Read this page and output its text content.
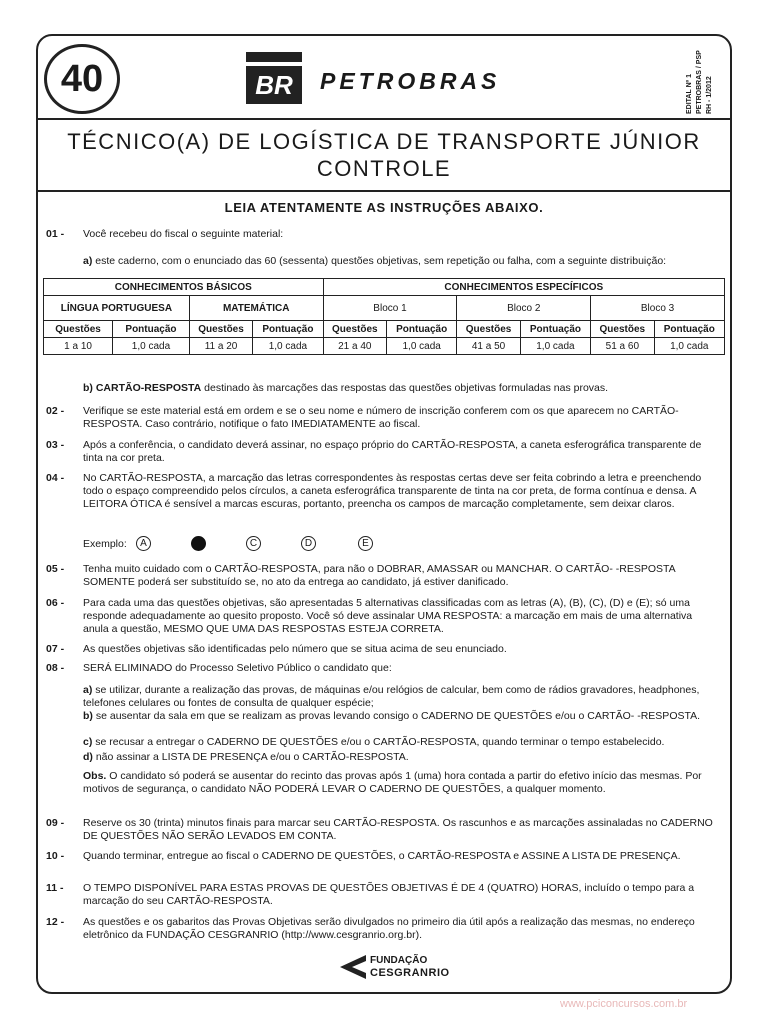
40	BR	PETROBRAS	EDITAL Nº 1 PETROBRAS / PSP RH - 1/2012
TÉCNICO(A) DE LOGÍSTICA DE TRANSPORTE JÚNIOR
CONTROLE
LEIA ATENTAMENTE AS INSTRUÇÕES ABAIXO.
01 - Você recebeu do fiscal o seguinte material:
a) este caderno, com o enunciado das 60 (sessenta) questões objetivas, sem repetição ou falha, com a seguinte distribuição:
CONHECIMENTOS BÁSICOS				CONHECIMENTOS ESPECÍFICOS					
LÍNGUA PORTUGUESA		MATEMÁTICA		Bloco 1		Bloco 2		Bloco 3	
Questões	Pontuação	Questões	Pontuação	Questões	Pontuação	Questões	Pontuação	Questões	Pontuação
1 a 10	1,0 cada	11 a 20	1,0 cada	21 a 40	1,0 cada	41 a 50	1,0 cada	51 a 60	1,0 cada
b) CARTÃO-RESPOSTA destinado às marcações das respostas das questões objetivas formuladas nas provas.
02 - Verifique se este material está em ordem e se o seu nome e número de inscrição conferem com os que aparecem no CARTÃO-RESPOSTA. Caso contrário, notifique o fato IMEDIATAMENTE ao fiscal.
03 - Após a conferência, o candidato deverá assinar, no espaço próprio do CARTÃO-RESPOSTA, a caneta esferográfica transparente de tinta na cor preta.
04 - No CARTÃO-RESPOSTA, a marcação das letras correspondentes às respostas certas deve ser feita cobrindo a letra e preenchendo todo o espaço compreendido pelos círculos, a caneta esferográfica transparente de tinta na cor preta, de forma contínua e densa. A LEITORA ÓTICA é sensível a marcas escuras, portanto, preencha os campos de marcação completamente, sem deixar claros.
Exemplo:	A	C	D	E
05 - Tenha muito cuidado com o CARTÃO-RESPOSTA, para não o DOBRAR, AMASSAR ou MANCHAR. O CARTÃO- -RESPOSTA SOMENTE poderá ser substituído se, no ato da entrega ao candidato, já estiver danificado.
06 - Para cada uma das questões objetivas, são apresentadas 5 alternativas classificadas com as letras (A), (B), (C), (D) e (E); só uma responde adequadamente ao quesito proposto. Você só deve assinalar UMA RESPOSTA: a marcação em mais de uma alternativa anula a questão, MESMO QUE UMA DAS RESPOSTAS ESTEJA CORRETA.
07 - As questões objetivas são identificadas pelo número que se situa acima de seu enunciado.
08 - SERÁ ELIMINADO do Processo Seletivo Público o candidato que:
a) se utilizar, durante a realização das provas, de máquinas e/ou relógios de calcular, bem como de rádios gravadores, headphones, telefones celulares ou fontes de consulta de qualquer espécie;
b) se ausentar da sala em que se realizam as provas levando consigo o CADERNO DE QUESTÕES e/ou o CARTÃO- -RESPOSTA.
c) se recusar a entregar o CADERNO DE QUESTÕES e/ou o CARTÃO-RESPOSTA, quando terminar o tempo estabelecido.
d) não assinar a LISTA DE PRESENÇA e/ou o CARTÃO-RESPOSTA.
Obs. O candidato só poderá se ausentar do recinto das provas após 1 (uma) hora contada a partir do efetivo início das mesmas. Por motivos de segurança, o candidato NÃO PODERÁ LEVAR O CADERNO DE QUESTÕES, a qualquer momento.
09 - Reserve os 30 (trinta) minutos finais para marcar seu CARTÃO-RESPOSTA. Os rascunhos e as marcações assinaladas no CADERNO DE QUESTÕES NÃO SERÃO LEVADOS EM CONTA.
10 - Quando terminar, entregue ao fiscal o CADERNO DE QUESTÕES, o CARTÃO-RESPOSTA e ASSINE A LISTA DE PRESENÇA.
11 - O TEMPO DISPONÍVEL PARA ESTAS PROVAS DE QUESTÕES OBJETIVAS É DE 4 (QUATRO) HORAS, incluído o tempo para a marcação do seu CARTÃO-RESPOSTA.
12 - As questões e os gabaritos das Provas Objetivas serão divulgados no primeiro dia útil após a realização das mesmas, no endereço eletrônico da FUNDAÇÃO CESGRANRIO (http://www.cesgranrio.org.br).
FUNDAÇÃO
CESGRANRIO
www.pciconcursos.com.br
